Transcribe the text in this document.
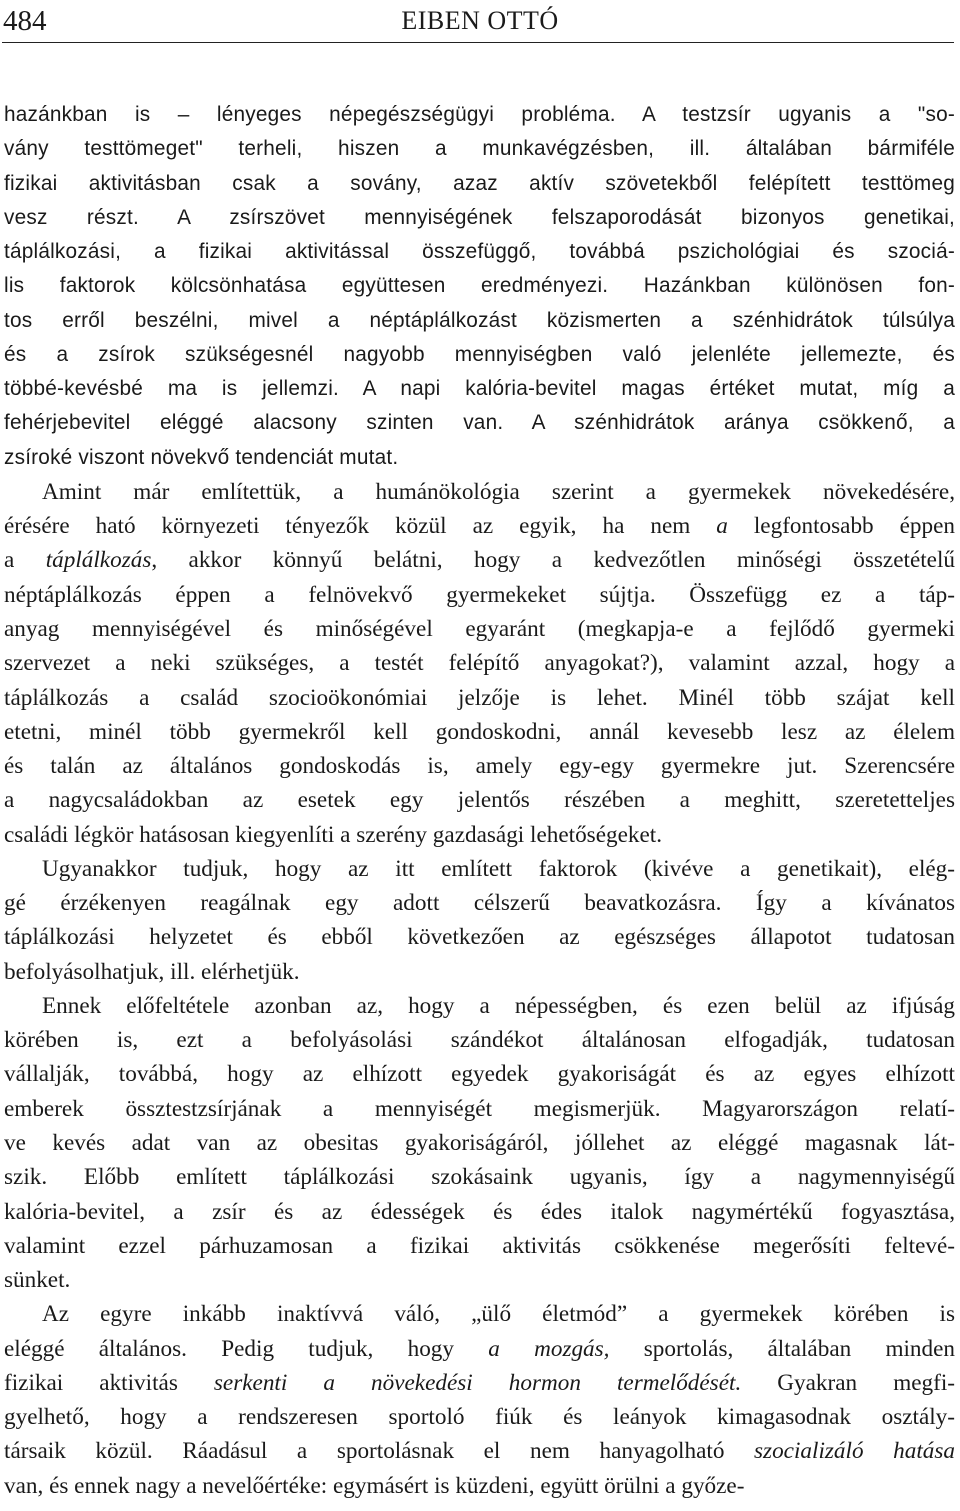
484	EIBEN OTTÓ
hazánkban is – lényeges népegészségügyi probléma. A testzsír ugyanis a "so-
vány testtömeget" terheli, hiszen a munkavégzésben, ill. általában bármiféle
fizikai aktivitásban csak a sovány, azaz aktív szövetekből felépített testtömeg
vesz részt. A zsírszövet mennyiségének felszaporodását bizonyos genetikai,
táplálkozási, a fizikai aktivitással összefüggő, továbbá pszichológiai és szociá-
lis faktorok kölcsönhatása együttesen eredményezi. Hazánkban különösen fon-
tos erről beszélni, mivel a néptáplálkozást közismerten a szénhidrátok túlsúlya
és a zsírok szükségesnél nagyobb mennyiségben való jelenléte jellemezte, és
többé-kevésbé ma is jellemzi. A napi kalória-bevitel magas értéket mutat, míg a
fehérjebevitel eléggé alacsony szinten van. A szénhidrátok aránya csökkenő, a
zsíroké viszont növekvő tendenciát mutat.
Amint már említettük, a humánökológia szerint a gyermekek növekedésére,
érésére ható környezeti tényezők közül az egyik, ha nem a legfontosabb éppen
a táplálkozás, akkor könnyű belátni, hogy a kedvezőtlen minőségi összetételű
néptáplálkozás éppen a felnövekvő gyermekeket sújtja. Összefügg ez a táp-
anyag mennyiségével és minőségével egyaránt (megkapja-e a fejlődő gyermeki
szervezet a neki szükséges, a testét felépítő anyagokat?), valamint azzal, hogy a
táplálkozás a család szocioökonómiai jelzője is lehet. Minél több szájat kell
etetni, minél több gyermekről kell gondoskodni, annál kevesebb lesz az élelem
és talán az általános gondoskodás is, amely egy-egy gyermekre jut. Szerencsére
a nagycsaládokban az esetek egy jelentős részében a meghitt, szeretetteljes
családi légkör hatásosan kiegyenlíti a szerény gazdasági lehetőségeket.
Ugyanakkor tudjuk, hogy az itt említett faktorok (kivéve a genetikait), elég-
gé érzékenyen reagálnak egy adott célszerű beavatkozásra. Így a kívánatos
táplálkozási helyzetet és ebből következően az egészséges állapotot tudatosan
befolyásolhatjuk, ill. elérhetjük.
Ennek előfeltétele azonban az, hogy a népességben, és ezen belül az ifjúság
körében is, ezt a befolyásolási szándékot általánosan elfogadják, tudatosan
vállalják, továbbá, hogy az elhízott egyedek gyakoriságát és az egyes elhízott
emberek össztestzsírjának a mennyiségét megismerjük. Magyarországon relatí-
ve kevés adat van az obesitas gyakoriságáról, jóllehet az eléggé magasnak lát-
szik. Előbb említett táplálkozási szokásaink ugyanis, így a nagymennyiségű
kalória-bevitel, a zsír és az édességek és édes italok nagymértékű fogyasztása,
valamint ezzel párhuzamosan a fizikai aktivitás csökkenése megerősíti feltevé-
sünket.
Az egyre inkább inaktívvá váló, „ülő életmód” a gyermekek körében is
eléggé általános. Pedig tudjuk, hogy a mozgás, sportolás, általában minden
fizikai aktivitás serkenti a növekedési hormon termelődését. Gyakran megfi-
gyelhető, hogy a rendszeresen sportoló fiúk és leányok kimagasodnak osztály-
társaik közül. Ráadásul a sportolásnak el nem hanyagolható szocializáló hatása
van, és ennek nagy a nevelőértéke: egymásért is küzdeni, együtt örülni a győze-
